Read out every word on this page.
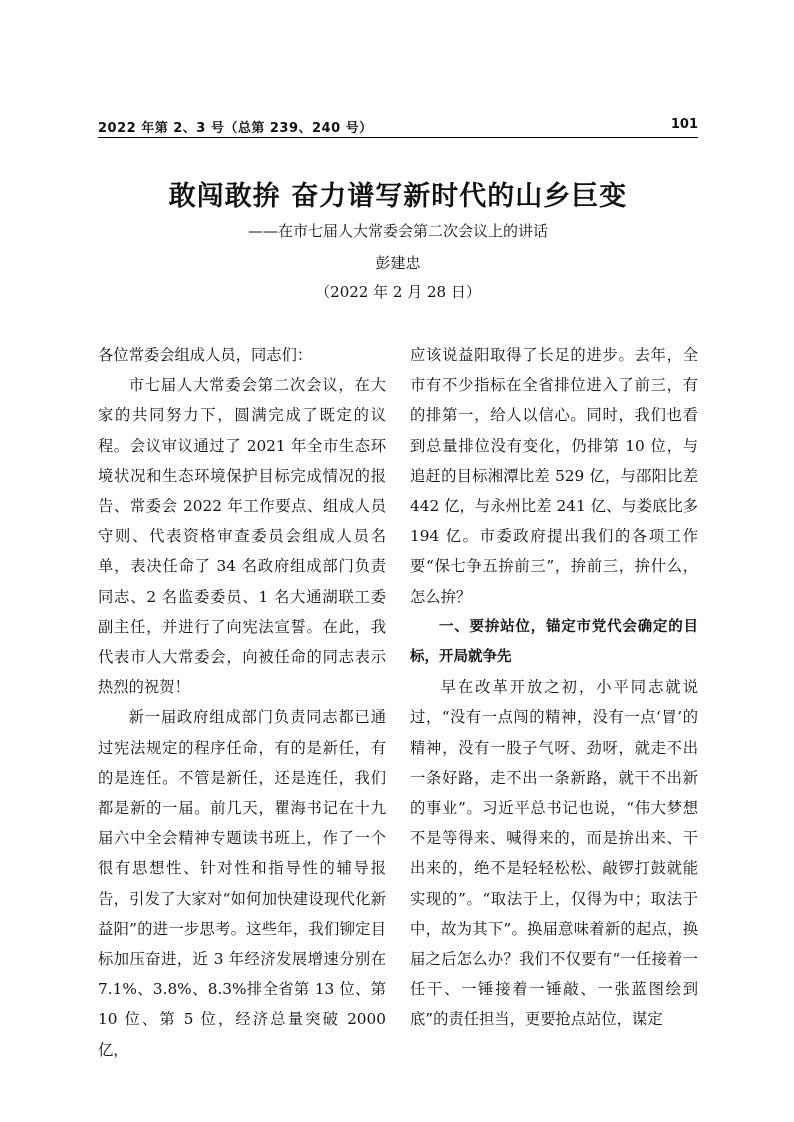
2022 年第 2、3 号（总第 239、240 号）	101
敢闯敢拚 奋力谱写新时代的山乡巨变
——在市七届人大常委会第二次会议上的讲话
彭建忠
（2022 年 2 月 28 日）

各位常委会组成人员，同志们：

市七届人大常委会第二次会议，在大家的共同努力下，圆满完成了既定的议程。会议审议通过了 2021 年全市生态环境状况和生态环境保护目标完成情况的报告、常委会 2022 年工作要点、组成人员守则、代表资格审查委员会组成人员名单，表决任命了 34 名政府组成部门负责同志、2 名监委委员、1 名大通湖联工委副主任，并进行了向宪法宣誓。在此，我代表市人大常委会，向被任命的同志表示热烈的祝贺！

新一届政府组成部门负责同志都已通过宪法规定的程序任命，有的是新任，有的是连任。不管是新任，还是连任，我们都是新的一届。前几天，瞿海书记在十九届六中全会精神专题读书班上，作了一个很有思想性、针对性和指导性的辅导报告，引发了大家对“如何加快建设现代化新益阳”的进一步思考。这些年，我们铆定目标加压奋进，近 3 年经济发展增速分别在 7.1%、3.8%、8.3%排全省第 13 位、第 10 位、第 5 位，经济总量突破 2000 亿，

应该说益阳取得了长足的进步。去年，全市有不少指标在全省排位进入了前三，有的排第一，给人以信心。同时，我们也看到总量排位没有变化，仍排第 10 位，与追赶的目标湘潭比差 529 亿，与邵阳比差 442 亿，与永州比差 241 亿、与娄底比多 194 亿。市委政府提出我们的各项工作要“保七争五拚前三”，拚前三，拚什么，怎么拚？

一、要拚站位，锚定市党代会确定的目标，开局就争先

早在改革开放之初，小平同志就说过，“没有一点闯的精神，没有一点‘冒’的精神，没有一股子气呀、劲呀，就走不出一条好路，走不出一条新路，就干不出新的事业”。习近平总书记也说，“伟大梦想不是等得来、喊得来的，而是拚出来、干出来的，绝不是轻轻松松、敲锣打鼓就能实现的”。“取法于上，仅得为中；取法于中，故为其下”。换届意味着新的起点，换届之后怎么办？我们不仅要有“一任接着一任干、一锤接着一锤敲、一张蓝图绘到底”的责任担当，更要抢点站位，谋定
